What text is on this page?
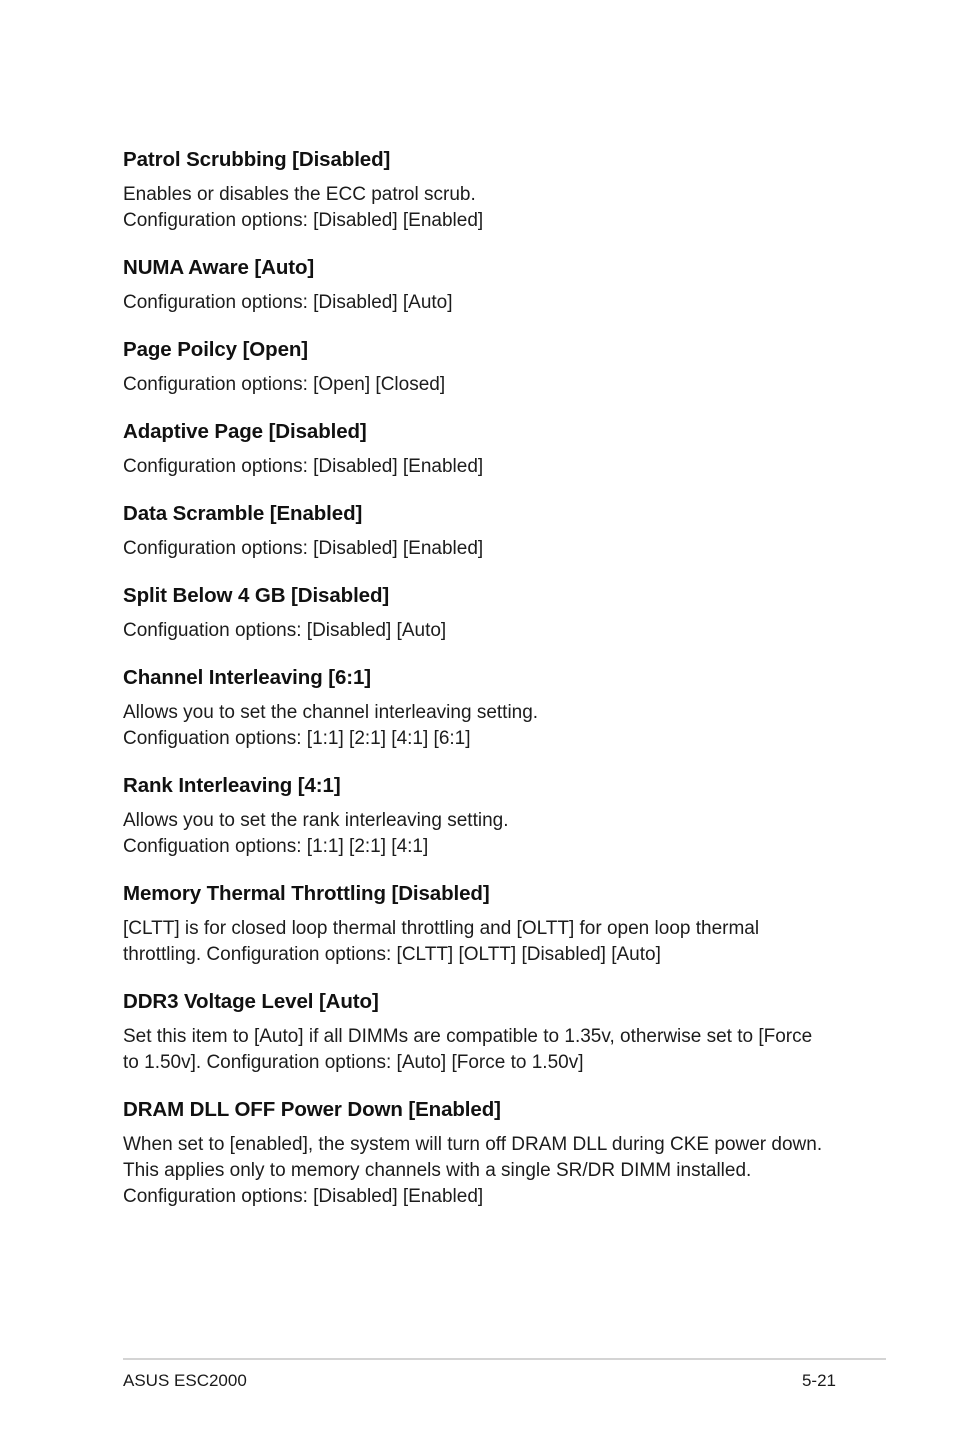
Patrol Scrubbing [Disabled]

Enables or disables the ECC patrol scrub.

Configuration options: [Disabled] [Enabled]

NUMA Aware [Auto]

Configuration options: [Disabled] [Auto]

Page Poilcy [Open]

Configuration options: [Open] [Closed]

Adaptive Page [Disabled]

Configuration options: [Disabled] [Enabled]

Data Scramble [Enabled]

Configuration options: [Disabled] [Enabled]

Split Below 4 GB [Disabled]

Configuation options: [Disabled] [Auto]

Channel Interleaving [6:1]

Allows you to set the channel interleaving setting.

Configuation options: [1:1] [2:1] [4:1] [6:1]

Rank Interleaving [4:1]

Allows you to set the rank interleaving setting.

Configuation options: [1:1] [2:1] [4:1]

Memory Thermal Throttling [Disabled]

[CLTT] is for closed loop thermal throttling and [OLTT] for open loop thermal

throttling. Configuration options: [CLTT] [OLTT] [Disabled] [Auto]

DDR3 Voltage Level [Auto]

Set this item to [Auto] if all DIMMs are compatible to 1.35v, otherwise set to [Force

to 1.50v]. Configuration options: [Auto] [Force to 1.50v]

DRAM DLL OFF Power Down [Enabled]

When set to [enabled], the system will turn off DRAM DLL during CKE power down.

This applies only to memory channels with a single SR/DR DIMM installed.

Configuration options: [Disabled] [Enabled]

ASUS ESC2000	5-21
